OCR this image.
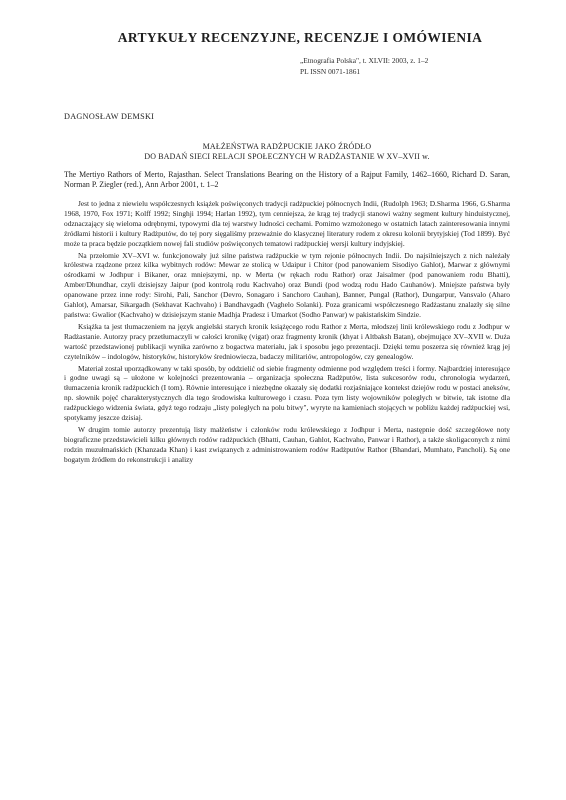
ARTYKUŁY RECENZYJNE, RECENZJE I OMÓWIENIA
„Etnografia Polska", t. XLVII: 2003, z. 1–2
PL ISSN 0071-1861
DAGNOSŁAW DEMSKI
MAŁŻEŃSTWA RADŻPUCKIE JAKO ŹRÓDŁO
DO BADAŃ SIECI RELACJI SPOŁECZNYCH W RADŻASTANIE W XV–XVII w.
The Mertiyo Rathors of Merto, Rajasthan. Select Translations Bearing on the History of a Rajput Family, 1462–1660, Richard D. Saran, Norman P. Ziegler (red.), Ann Arbor 2001, t. 1–2

Jest to jedna z niewielu współczesnych książek poświęconych tradycji radżpuckiej północnych Indii, (Rudolph 1963; D.Sharma 1966, G.Sharma 1968, 1970, Fox 1971; Kolff 1992; Singhji 1994; Harlan 1992), tym cenniejsza, że krąg tej tradycji stanowi ważny segment kultury hinduistycznej, odznaczający się wieloma odrębnymi, typowymi dla tej warstwy ludności cechami. Pomimo wzmożonego w ostatnich latach zainteresowania innymi źródłami historii i kultury Radżputów, do tej pory sięgaliśmy przeważnie do klasycznej literatury rodem z okresu kolonii brytyjskiej (Tod 1899). Być może ta praca będzie początkiem nowej fali studiów poświęconych tematowi radżpuckiej wersji kultury indyjskiej.

Na przełomie XV–XVI w. funkcjonowały już silne państwa radżpuckie w tym rejonie północnych Indii. Do najsilniejszych z nich należały królestwa rządzone przez kilka wybitnych rodów: Mewar ze stolicą w Udaipur i Chitor (pod panowaniem Sisodiyo Gahlot), Marwar z głównymi ośrodkami w Jodhpur i Bikaner, oraz mniejszymi, np. w Merta (w rękach rodu Rathor) oraz Jaisalmer (pod panowaniem rodu Bhatti), Amber/Dhundhar, czyli dzisiejszy Jaipur (pod kontrolą rodu Kachvaho) oraz Bundi (pod wodzą rodu Hado Cauhanów). Mniejsze państwa były opanowane przez inne rody: Sirohi, Pali, Sanchor (Devro, Sonagaro i Sanchoro Cauhan), Banner, Pungal (Rathor), Dungarpur, Vansvalo (Aharo Gahlot), Amarsar, Sikargadh (Sekhavat Kachvaho) i Bandhavgadh (Vaghelo Solanki). Poza granicami współczesnego Radżastanu znalazły się silne państwa: Gwalior (Kachvaho) w dzisiejszym stanie Madhja Pradesz i Umarkot (Sodho Panwar) w pakistańskim Sindzie.

Książka ta jest tłumaczeniem na język angielski starych kronik książęcego rodu Rathor z Merta, młodszej linii królewskiego rodu z Jodhpur w Radżastanie. Autorzy pracy przetłumaczyli w całości kronikę (vigat) oraz fragmenty kronik (khyat i Altbaksh Batan), obejmujące XV–XVII w. Duża wartość przedstawionej publikacji wynika zarówno z bogactwa materiału, jak i sposobu jego prezentacji. Dzięki temu poszerza się również krąg jej czytelników – indologów, historyków, historyków średniowiecza, badaczy militariów, antropologów, czy genealogów.

Materiał został uporządkowany w taki sposób, by oddzielić od siebie fragmenty odmienne pod względem treści i formy. Najbardziej interesujące i godne uwagi są – ułożone w kolejności prezentowania – organizacja społeczna Radżputów, lista sukcesorów rodu, chronologia wydarzeń, tłumaczenia kronik radżpuckich (I tom). Równie interesujące i niezbędne okazały się dodatki rozjaśniające kontekst dziejów rodu w postaci aneksów, np. słownik pojęć charakterystycznych dla tego środowiska kulturowego i czasu. Poza tym listy wojowników poległych w bitwie, tak istotne dla radżpuckiego widzenia świata, gdyż tego rodzaju „listy poległych na polu bitwy", wyryte na kamieniach stojących w pobliżu każdej radżpuckiej wsi, spotykamy jeszcze dzisiaj.

W drugim tomie autorzy prezentują listy małżeństw i członków rodu królewskiego z Jodhpur i Merta, następnie dość szczegółowe noty biograficzne przedstawicieli kilku głównych rodów radżpuckich (Bhatti, Cauhan, Gahlot, Kachvaho, Panwar i Rathor), a także skoligaconych z nimi rodzin muzułmańskich (Khanzada Khan) i kast związanych z administrowaniem rodów Radżputów Rathor (Bhandari, Mumhato, Pancholi). Są one bogatym źródłem do rekonstrukcji i analizy
